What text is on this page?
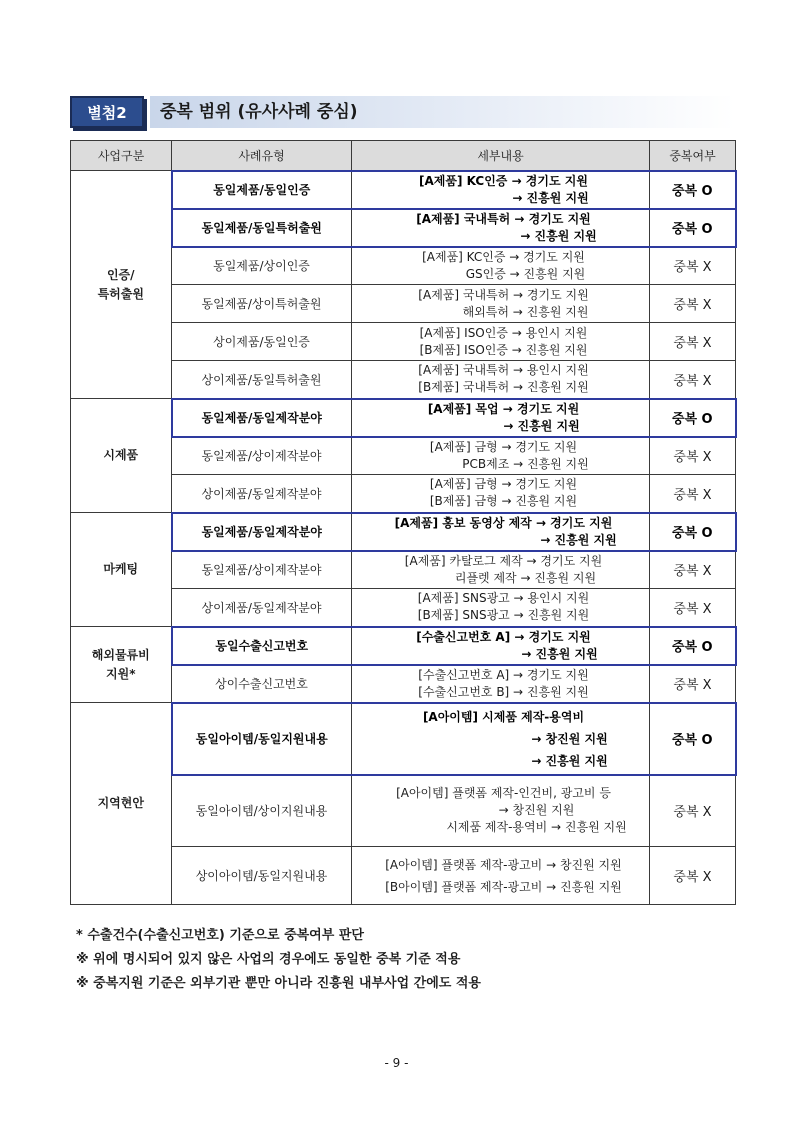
별첨2	중복 범위 (유사사례 중심)
사업구분	사례유형	세부내용	중복여부

인증/
특허출원	동일제품/동일인증	[A제품] KC인증 → 경기도 지원
→ 진흥원 지원	중복 O
	동일제품/동일특허출원	[A제품] 국내특허 → 경기도 지원
→ 진흥원 지원	중복 O
	동일제품/상이인증	[A제품] KC인증 → 경기도 지원
GS인증 → 진흥원 지원	중복 X
	동일제품/상이특허출원	[A제품] 국내특허 → 경기도 지원
해외특허 → 진흥원 지원	중복 X
	상이제품/동일인증	[A제품] ISO인증 → 용인시 지원
[B제품] ISO인증 → 진흥원 지원	중복 X
	상이제품/동일특허출원	[A제품] 국내특허 → 용인시 지원
[B제품] 국내특허 → 진흥원 지원	중복 X

시제품	동일제품/동일제작분야	[A제품] 목업 → 경기도 지원
→ 진흥원 지원	중복 O
	동일제품/상이제작분야	[A제품] 금형 → 경기도 지원
PCB제조 → 진흥원 지원	중복 X
	상이제품/동일제작분야	[A제품] 금형 → 경기도 지원
[B제품] 금형 → 진흥원 지원	중복 X

마케팅	동일제품/동일제작분야	[A제품] 홍보 동영상 제작 → 경기도 지원
→ 진흥원 지원	중복 O
	동일제품/상이제작분야	[A제품] 카탈로그 제작 → 경기도 지원
리플렛 제작 → 진흥원 지원	중복 X
	상이제품/동일제작분야	[A제품] SNS광고 → 용인시 지원
[B제품] SNS광고 → 진흥원 지원	중복 X

해외물류비
지원*	동일수출신고번호	[수출신고번호 A] → 경기도 지원
→ 진흥원 지원	중복 O
	상이수출신고번호	[수출신고번호 A] → 경기도 지원
[수출신고번호 B] → 진흥원 지원	중복 X

지역현안	동일아이템/동일지원내용	[A아이템] 시제품 제작-용역비
→ 창진원 지원
→ 진흥원 지원	중복 O
	동일아이템/상이지원내용	[A아이템] 플랫폼 제작-인건비, 광고비 등
→ 창진원 지원
시제품 제작-용역비 → 진흥원 지원	중복 X
	상이아이템/동일지원내용	[A아이템] 플랫폼 제작-광고비 → 창진원 지원
[B아이템] 플랫폼 제작-광고비 → 진흥원 지원	중복 X
* 수출건수(수출신고번호) 기준으로 중복여부 판단
※ 위에 명시되어 있지 않은 사업의 경우에도 동일한 중복 기준 적용
※ 중복지원 기준은 외부기관 뿐만 아니라 진흥원 내부사업 간에도 적용
- 9 -
